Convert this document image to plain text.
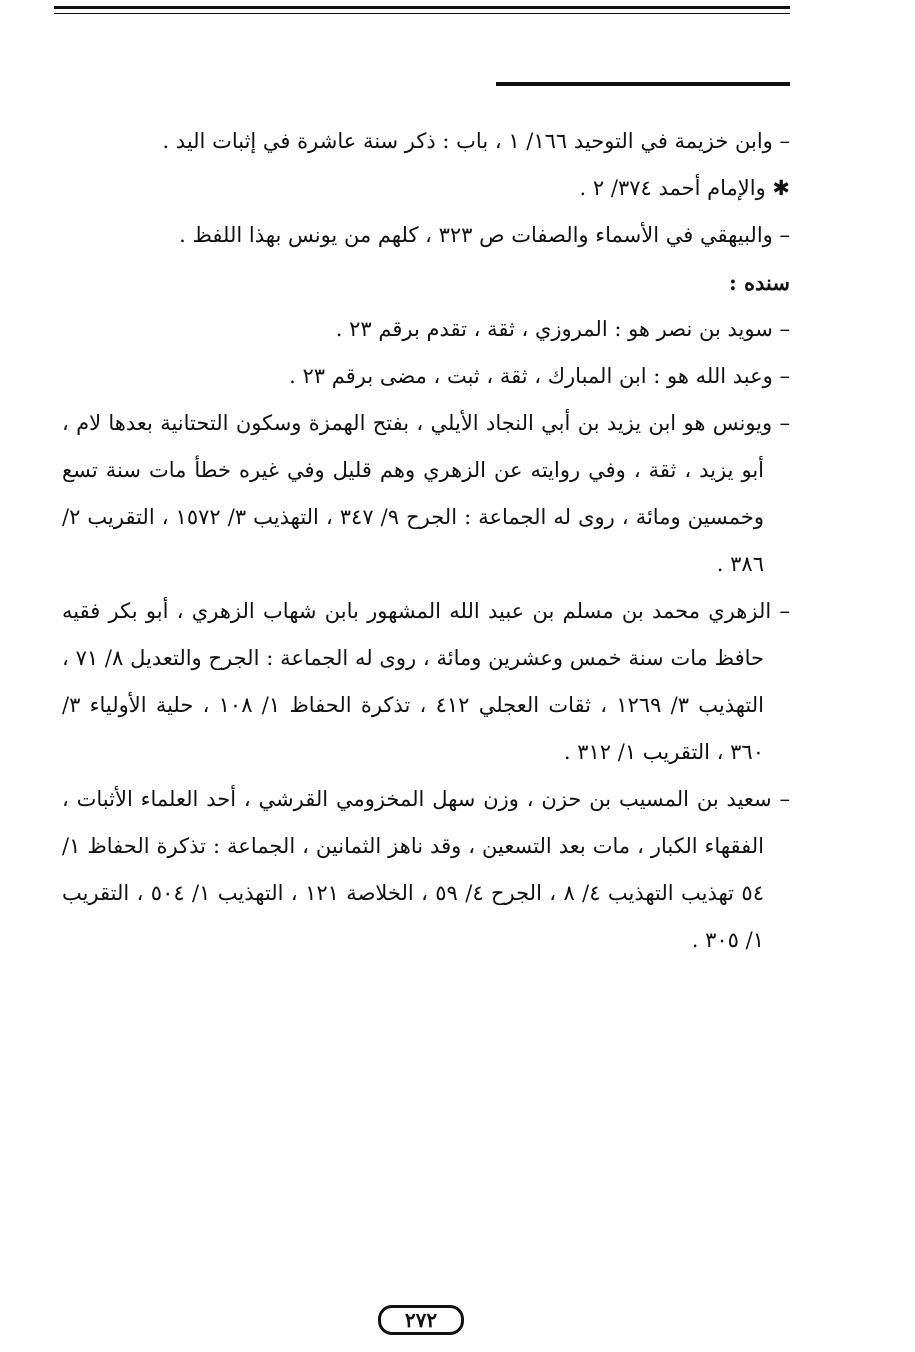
– وابن خزيمة في التوحيد ١٦٦/ ١ ، باب : ذكر سنة عاشرة في إثبات اليد .

✱ والإمام أحمد ٣٧٤/ ٢ .

– والبيهقي في الأسماء والصفات ص ٣٢٣ ، كلهم من يونس بهذا اللفظ .

سنده :

– سويد بن نصر هو : المروزي ، ثقة ، تقدم برقم ٢٣ .

– وعبد الله هو : ابن المبارك ، ثقة ، ثبت ، مضى برقم ٢٣ .

– ويونس هو ابن يزيد بن أبي النجاد الأيلي ، بفتح الهمزة وسكون التحتانية بعدها لام ، أبو يزيد ، ثقة ، وفي روايته عن الزهري وهم قليل وفي غيره خطأ مات سنة تسع وخمسين ومائة ، روى له الجماعة : الجرح ٩/ ٣٤٧ ، التهذيب ٣/ ١٥٧٢ ، التقريب ٢/ ٣٨٦ .

– الزهري محمد بن مسلم بن عبيد الله المشهور بابن شهاب الزهري ، أبو بكر فقيه حافظ مات سنة خمس وعشرين ومائة ، روى له الجماعة : الجرح والتعديل ٨/ ٧١ ، التهذيب ٣/ ١٢٦٩ ، ثقات العجلي ٤١٢ ، تذكرة الحفاظ ١/ ١٠٨ ، حلية الأولياء ٣/ ٣٦٠ ، التقريب ١/ ٣١٢ .

– سعيد بن المسيب بن حزن ، وزن سهل المخزومي القرشي ، أحد العلماء الأثبات ، الفقهاء الكبار ، مات بعد التسعين ، وقد ناهز الثمانين ، الجماعة : تذكرة الحفاظ ١/ ٥٤ تهذيب التهذيب ٤/ ٨ ، الجرح ٤/ ٥٩ ، الخلاصة ١٢١ ، التهذيب ١/ ٥٠٤ ، التقريب ١/ ٣٠٥ .

٢٧٢
